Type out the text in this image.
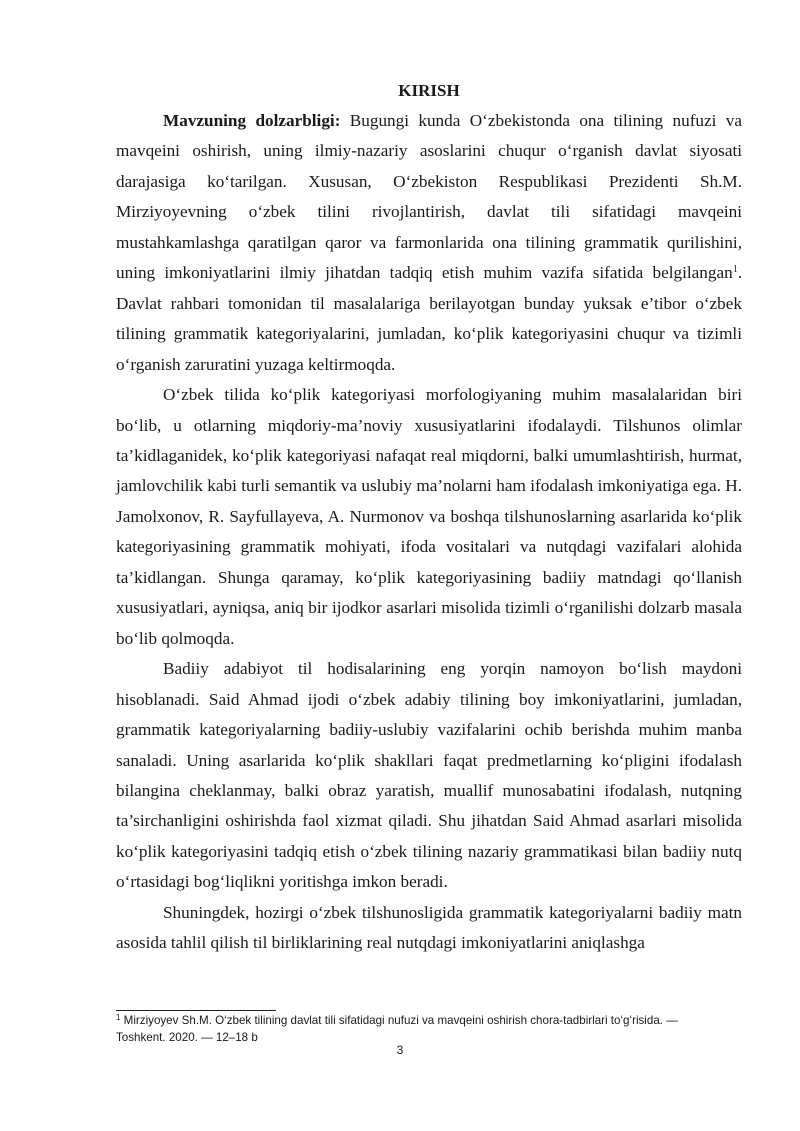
KIRISH

Mavzuning dolzarbligi: Bugungi kunda O‘zbekistonda ona tilining nufuzi va mavqeini oshirish, uning ilmiy-nazariy asoslarini chuqur o‘rganish davlat siyosati darajasiga ko‘tarilgan. Xususan, O‘zbekiston Respublikasi Prezidenti Sh.M. Mirziyoyevning o‘zbek tilini rivojlantirish, davlat tili sifatidagi mavqeini mustahkamlashga qaratilgan qaror va farmonlarida ona tilining grammatik qurilishini, uning imkoniyatlarini ilmiy jihatdan tadqiq etish muhim vazifa sifatida belgilangan$^1$. Davlat rahbari tomonidan til masalalariga berilayotgan bunday yuksak e’tibor o‘zbek tilining grammatik kategoriyalarini, jumladan, ko‘plik kategoriyasini chuqur va tizimli o‘rganish zaruratini yuzaga keltirmoqda.

O‘zbek tilida ko‘plik kategoriyasi morfologiyaning muhim masalalaridan biri bo‘lib, u otlarning miqdoriy-ma’noviy xususiyatlarini ifodalaydi. Tilshunos olimlar ta’kidlaganidek, ko‘plik kategoriyasi nafaqat real miqdorni, balki umumlashtirish, hurmat, jamlovchilik kabi turli semantik va uslubiy ma’nolarni ham ifodalash imkoniyatiga ega. H. Jamolxonov, R. Sayfullayeva, A. Nurmonov va boshqa tilshunoslarning asarlarida ko‘plik kategoriyasining grammatik mohiyati, ifoda vositalari va nutqdagi vazifalari alohida ta’kidlangan. Shunga qaramay, ko‘plik kategoriyasining badiiy matndagi qo‘llanish xususiyatlari, ayniqsa, aniq bir ijodkor asarlari misolida tizimli o‘rganilishi dolzarb masala bo‘lib qolmoqda.

Badiiy adabiyot til hodisalarining eng yorqin namoyon bo‘lish maydoni hisoblanadi. Said Ahmad ijodi o‘zbek adabiy tilining boy imkoniyatlarini, jumladan, grammatik kategoriyalarning badiiy-uslubiy vazifalarini ochib berishda muhim manba sanaladi. Uning asarlarida ko‘plik shakllari faqat predmetlarning ko‘pligini ifodalash bilangina cheklanmay, balki obraz yaratish, muallif munosabatini ifodalash, nutqning ta’sirchanligini oshirishda faol xizmat qiladi. Shu jihatdan Said Ahmad asarlari misolida ko‘plik kategoriyasini tadqiq etish o‘zbek tilining nazariy grammatikasi bilan badiiy nutq o‘rtasidagi bog‘liqlikni yoritishga imkon beradi.

Shuningdek, hozirgi o‘zbek tilshunosligida grammatik kategoriyalarni badiiy matn asosida tahlil qilish til birliklarining real nutqdagi imkoniyatlarini aniqlashga

$^1$ Mirziyoyev Sh.M. O‘zbek tilining davlat tili sifatidagi nufuzi va mavqeini oshirish chora-tadbirlari to‘g‘risida. — Toshkent. 2020. — 12–18 b

3
